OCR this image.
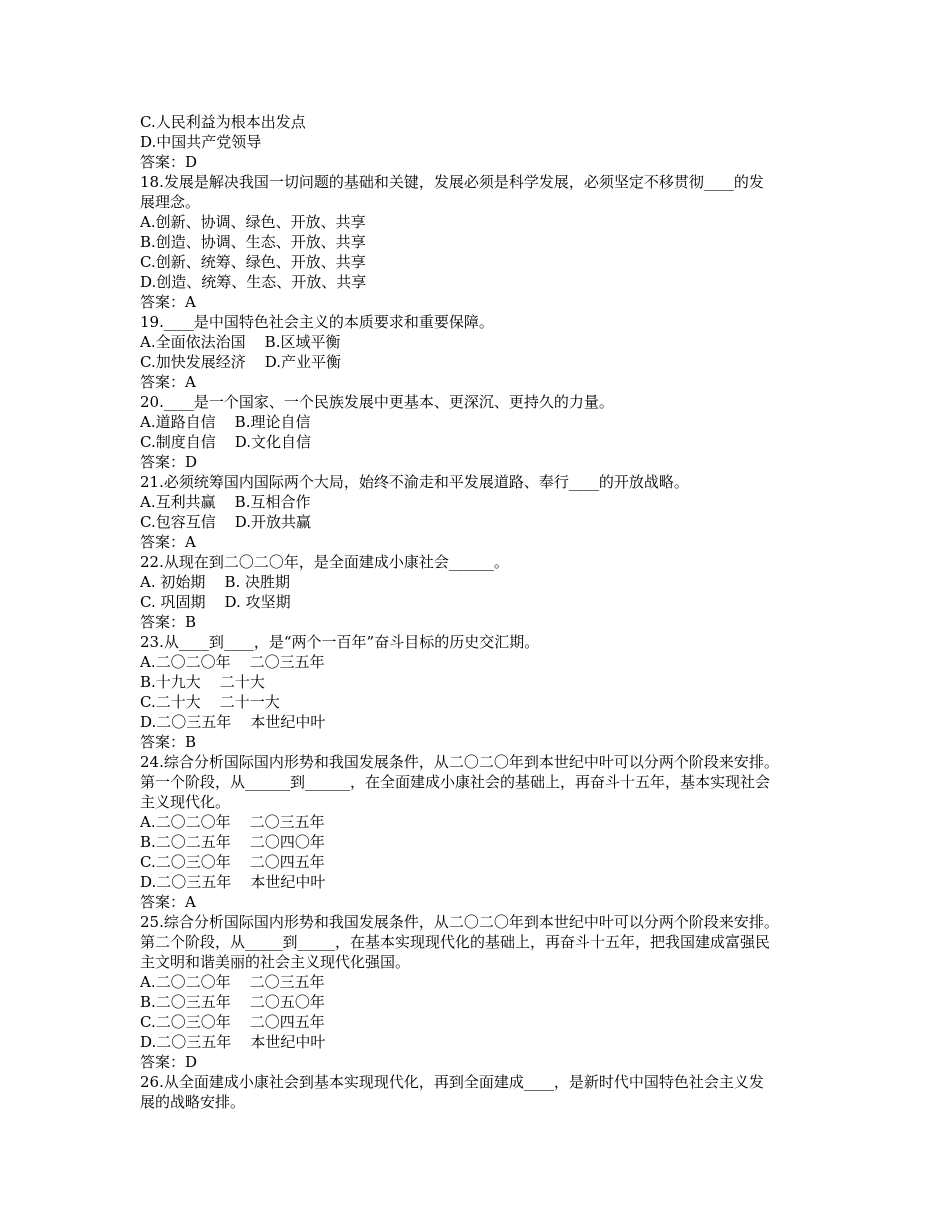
C.人民利益为根本出发点
D.中国共产党领导
答案：D
18.发展是解决我国一切问题的基础和关键，发展必须是科学发展，必须坚定不移贯彻____的发
展理念。
A.创新、协调、绿色、开放、共享
B.创造、协调、生态、开放、共享
C.创新、统筹、绿色、开放、共享
D.创造、统筹、生态、开放、共享
答案：A
19.____是中国特色社会主义的本质要求和重要保障。
A.全面依法治国    B.区域平衡
C.加快发展经济    D.产业平衡
答案：A
20.____是一个国家、一个民族发展中更基本、更深沉、更持久的力量。
A.道路自信    B.理论自信
C.制度自信    D.文化自信
答案：D
21.必须统筹国内国际两个大局，始终不渝走和平发展道路、奉行____的开放战略。
A.互利共赢    B.互相合作
C.包容互信    D.开放共赢
答案：A
22.从现在到二〇二〇年，是全面建成小康社会______。
A. 初始期    B. 决胜期
C. 巩固期    D. 攻坚期
答案：B
23.从____到____，是“两个一百年”奋斗目标的历史交汇期。
A.二〇二〇年    二〇三五年
B.十九大    二十大
C.二十大    二十一大
D.二〇三五年    本世纪中叶
答案：B
24.综合分析国际国内形势和我国发展条件，从二〇二〇年到本世纪中叶可以分两个阶段来安排。
第一个阶段，从______到______，在全面建成小康社会的基础上，再奋斗十五年，基本实现社会
主义现代化。
A.二〇二〇年    二〇三五年
B.二〇二五年    二〇四〇年
C.二〇三〇年    二〇四五年
D.二〇三五年    本世纪中叶
答案：A
25.综合分析国际国内形势和我国发展条件，从二〇二〇年到本世纪中叶可以分两个阶段来安排。
第二个阶段，从_____到_____，在基本实现现代化的基础上，再奋斗十五年，把我国建成富强民
主文明和谐美丽的社会主义现代化强国。
A.二〇二〇年    二〇三五年
B.二〇三五年    二〇五〇年
C.二〇三〇年    二〇四五年
D.二〇三五年    本世纪中叶
答案：D
26.从全面建成小康社会到基本实现现代化，再到全面建成____，是新时代中国特色社会主义发
展的战略安排。
